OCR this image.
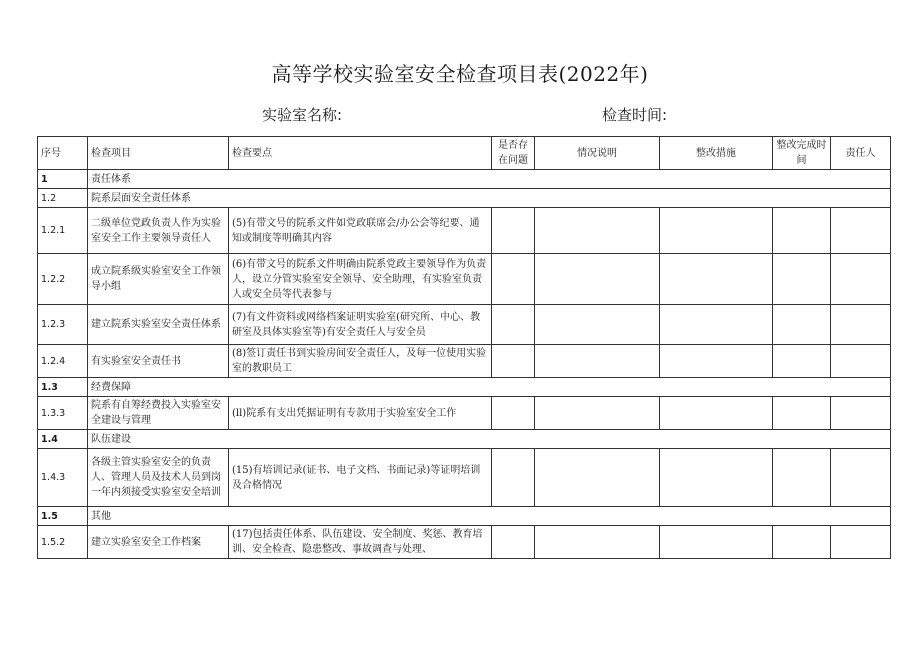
高等学校实验室安全检查项目表(2022年)
实验室名称:	检查时间:
序号	检查项目	检查要点	是否存在问题	情况说明	整改措施	整改完成时间	责任人
1	责任体系						
1.2	院系层面安全责任体系						
1.2.1	二级单位党政负责人作为实验室安全工作主要领导责任人	(5)有带文号的院系文件如党政联席会/办公会等纪要、通知或制度等明确其内容					
1.2.2	成立院系级实验室安全工作领导小组	(6)有带文号的院系文件明确由院系党政主要领导作为负责人，设立分管实验室安全领导、安全助理，有实验室负责人或安全员等代表参与					
1.2.3	建立院系实验室安全责任体系	(7)有文件资料或网络档案证明实验室(研究所、中心、教研室及具体实验室等)有安全责任人与安全员					
1.2.4	有实验室安全责任书	(8)签订责任书到实验房间安全责任人，及每一位使用实验室的教职员工					
1.3	经费保障						
1.3.3	院系有自筹经费投入实验室安全建设与管理	(ll)院系有支出凭据证明有专款用于实验室安全工作					
1.4	队伍建设						
1.4.3	各级主管实验室安全的负责人、管理人员及技术人员到岗一年内须接受实验室安全培训	(15)有培训记录(证书、电子文档、书面记录)等证明培训及合格情况					
1.5	其他						
1.5.2	建立实验室安全工作档案	(17)包括责任体系、队伍建设、安全制度、奖惩、教育培训、安全检查、隐患整改、事故调查与处理、					
